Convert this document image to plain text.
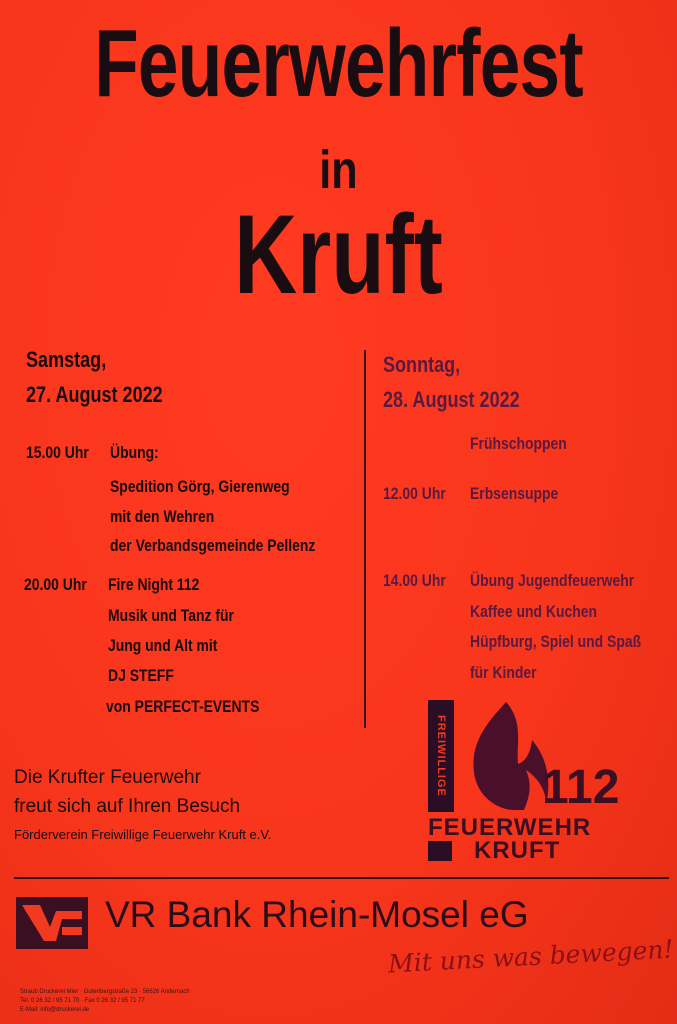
Feuerwehrfest
in
Kruft
Samstag,
27. August 2022
15.00 Uhr Übung:
Spedition Görg, Gierenweg
mit den Wehren
der Verbandsgemeinde Pellenz
20.00 Uhr Fire Night 112
Musik und Tanz für
Jung und Alt mit
DJ STEFF
von PERFECT-EVENTS
Sonntag,
28. August 2022
Frühschoppen
12.00 Uhr Erbsensuppe
14.00 Uhr Übung Jugendfeuerwehr
Kaffee und Kuchen
Hüpfburg, Spiel und Spaß
für Kinder
FREIWILLIGE 112
FEUERWEHR
KRUFT
Die Krufter Feuerwehr
freut sich auf Ihren Besuch
Förderverein Freiwillige Feuerwehr Kruft e.V.
VR Bank Rhein-Mosel eG
Mit uns was bewegen!
Straub Druckerei Mier · Gutenbergstraße 23 · 56626 Andernach
Tel. 0 26 32 / 95 71 70 · Fax 0 26 32 / 95 71 77
E-Mail: info@druckerei.de
